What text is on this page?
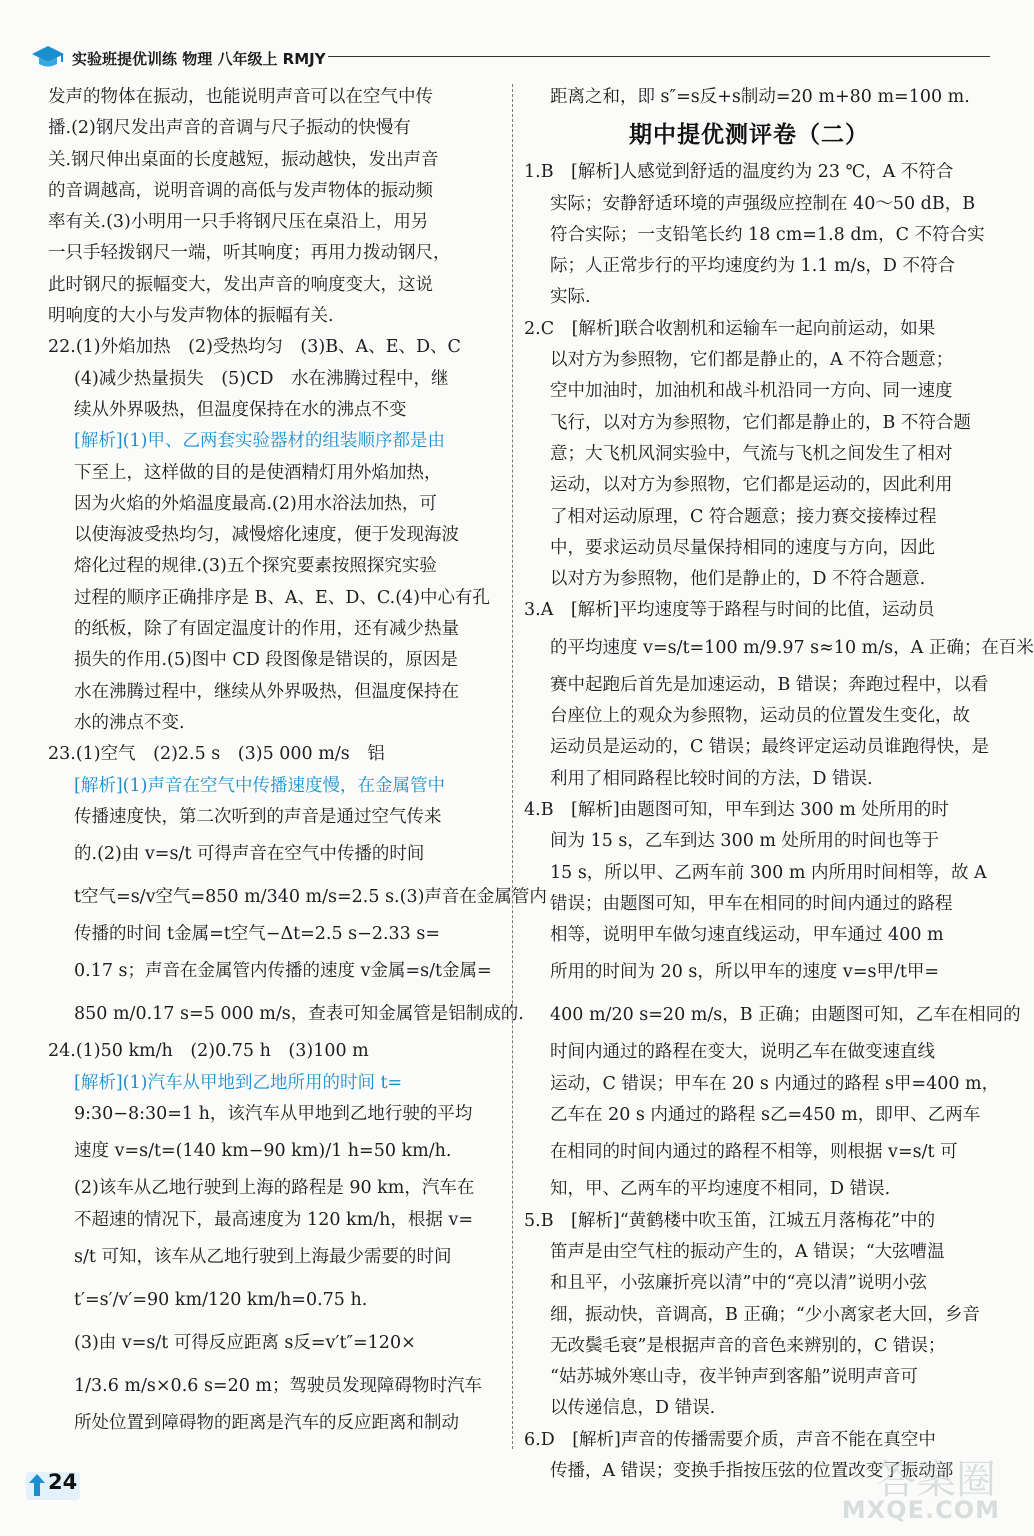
实验班提优训练 物理 八年级上 RMJY
发声的物体在振动，也能说明声音可以在空气中传
播.(2)钢尺发出声音的音调与尺子振动的快慢有
关.钢尺伸出桌面的长度越短，振动越快，发出声音
的音调越高，说明音调的高低与发声物体的振动频
率有关.(3)小明用一只手将钢尺压在桌沿上，用另
一只手轻拨钢尺一端，听其响度；再用力拨动钢尺，
此时钢尺的振幅变大，发出声音的响度变大，这说
明响度的大小与发声物体的振幅有关.
22.(1)外焰加热　(2)受热均匀　(3)B、A、E、D、C
(4)减少热量损失　(5)CD　水在沸腾过程中，继
续从外界吸热，但温度保持在水的沸点不变
[解析](1)甲、乙两套实验器材的组装顺序都是由
下至上，这样做的目的是使酒精灯用外焰加热，
因为火焰的外焰温度最高.(2)用水浴法加热，可
以使海波受热均匀，减慢熔化速度，便于发现海波
熔化过程的规律.(3)五个探究要素按照探究实验
过程的顺序正确排序是 B、A、E、D、C.(4)中心有孔
的纸板，除了有固定温度计的作用，还有减少热量
损失的作用.(5)图中 CD 段图像是错误的，原因是
水在沸腾过程中，继续从外界吸热，但温度保持在
水的沸点不变.
23.(1)空气　(2)2.5 s　(3)5 000 m/s　铝
[解析](1)声音在空气中传播速度慢，在金属管中
传播速度快，第二次听到的声音是通过空气传来
的.(2)由 v=s/t 可得声音在空气中传播的时间
t空气=s/v空气=850 m/340 m/s=2.5 s.(3)声音在金属管内
传播的时间 t金属=t空气−Δt=2.5 s−2.33 s=
0.17 s；声音在金属管内传播的速度 v金属=s/t金属=
850 m/0.17 s=5 000 m/s，查表可知金属管是铝制成的.
24.(1)50 km/h　(2)0.75 h　(3)100 m
[解析](1)汽车从甲地到乙地所用的时间 t=
9:30−8:30=1 h，该汽车从甲地到乙地行驶的平均
速度 v=s/t=(140 km−90 km)/1 h=50 km/h.
(2)该车从乙地行驶到上海的路程是 90 km，汽车在
不超速的情况下，最高速度为 120 km/h，根据 v=
s/t 可知，该车从乙地行驶到上海最少需要的时间
t′=s′/v′=90 km/120 km/h=0.75 h.
(3)由 v=s/t 可得反应距离 s反=v′t″=120×
1/3.6 m/s×0.6 s=20 m；驾驶员发现障碍物时汽车
所处位置到障碍物的距离是汽车的反应距离和制动
距离之和，即 s″=s反+s制动=20 m+80 m=100 m.
期中提优测评卷（二）
1.B　[解析]人感觉到舒适的温度约为 23 ℃，A 不符合
实际；安静舒适环境的声强级应控制在 40～50 dB，B
符合实际；一支铅笔长约 18 cm=1.8 dm，C 不符合实
际；人正常步行的平均速度约为 1.1 m/s，D 不符合
实际.
2.C　[解析]联合收割机和运输车一起向前运动，如果
以对方为参照物，它们都是静止的，A 不符合题意；
空中加油时，加油机和战斗机沿同一方向、同一速度
飞行，以对方为参照物，它们都是静止的，B 不符合题
意；大飞机风洞实验中，气流与飞机之间发生了相对
运动，以对方为参照物，它们都是运动的，因此利用
了相对运动原理，C 符合题意；接力赛交接棒过程
中，要求运动员尽量保持相同的速度与方向，因此
以对方为参照物，他们是静止的，D 不符合题意.
3.A　[解析]平均速度等于路程与时间的比值，运动员
的平均速度 v=s/t=100 m/9.97 s≈10 m/s，A 正确；在百米
赛中起跑后首先是加速运动，B 错误；奔跑过程中，以看
台座位上的观众为参照物，运动员的位置发生变化，故
运动员是运动的，C 错误；最终评定运动员谁跑得快，是
利用了相同路程比较时间的方法，D 错误.
4.B　[解析]由题图可知，甲车到达 300 m 处所用的时
间为 15 s，乙车到达 300 m 处所用的时间也等于
15 s，所以甲、乙两车前 300 m 内所用时间相等，故 A
错误；由题图可知，甲车在相同的时间内通过的路程
相等，说明甲车做匀速直线运动，甲车通过 400 m
所用的时间为 20 s，所以甲车的速度 v=s甲/t甲=
400 m/20 s=20 m/s，B 正确；由题图可知，乙车在相同的
时间内通过的路程在变大，说明乙车在做变速直线
运动，C 错误；甲车在 20 s 内通过的路程 s甲=400 m，
乙车在 20 s 内通过的路程 s乙=450 m，即甲、乙两车
在相同的时间内通过的路程不相等，则根据 v=s/t 可
知，甲、乙两车的平均速度不相同，D 错误.
5.B　[解析]“黄鹤楼中吹玉笛，江城五月落梅花”中的
笛声是由空气柱的振动产生的，A 错误；“大弦嘈温
和且平，小弦廉折亮以清”中的“亮以清”说明小弦
细，振动快，音调高，B 正确；“少小离家老大回，乡音
无改鬓毛衰”是根据声音的音色来辨别的，C 错误；
“姑苏城外寒山寺，夜半钟声到客船”说明声音可
以传递信息，D 错误.
6.D　[解析]声音的传播需要介质，声音不能在真空中
传播，A 错误；变换手指按压弦的位置改变了振动部
24	答案圈
MXQE.COM
